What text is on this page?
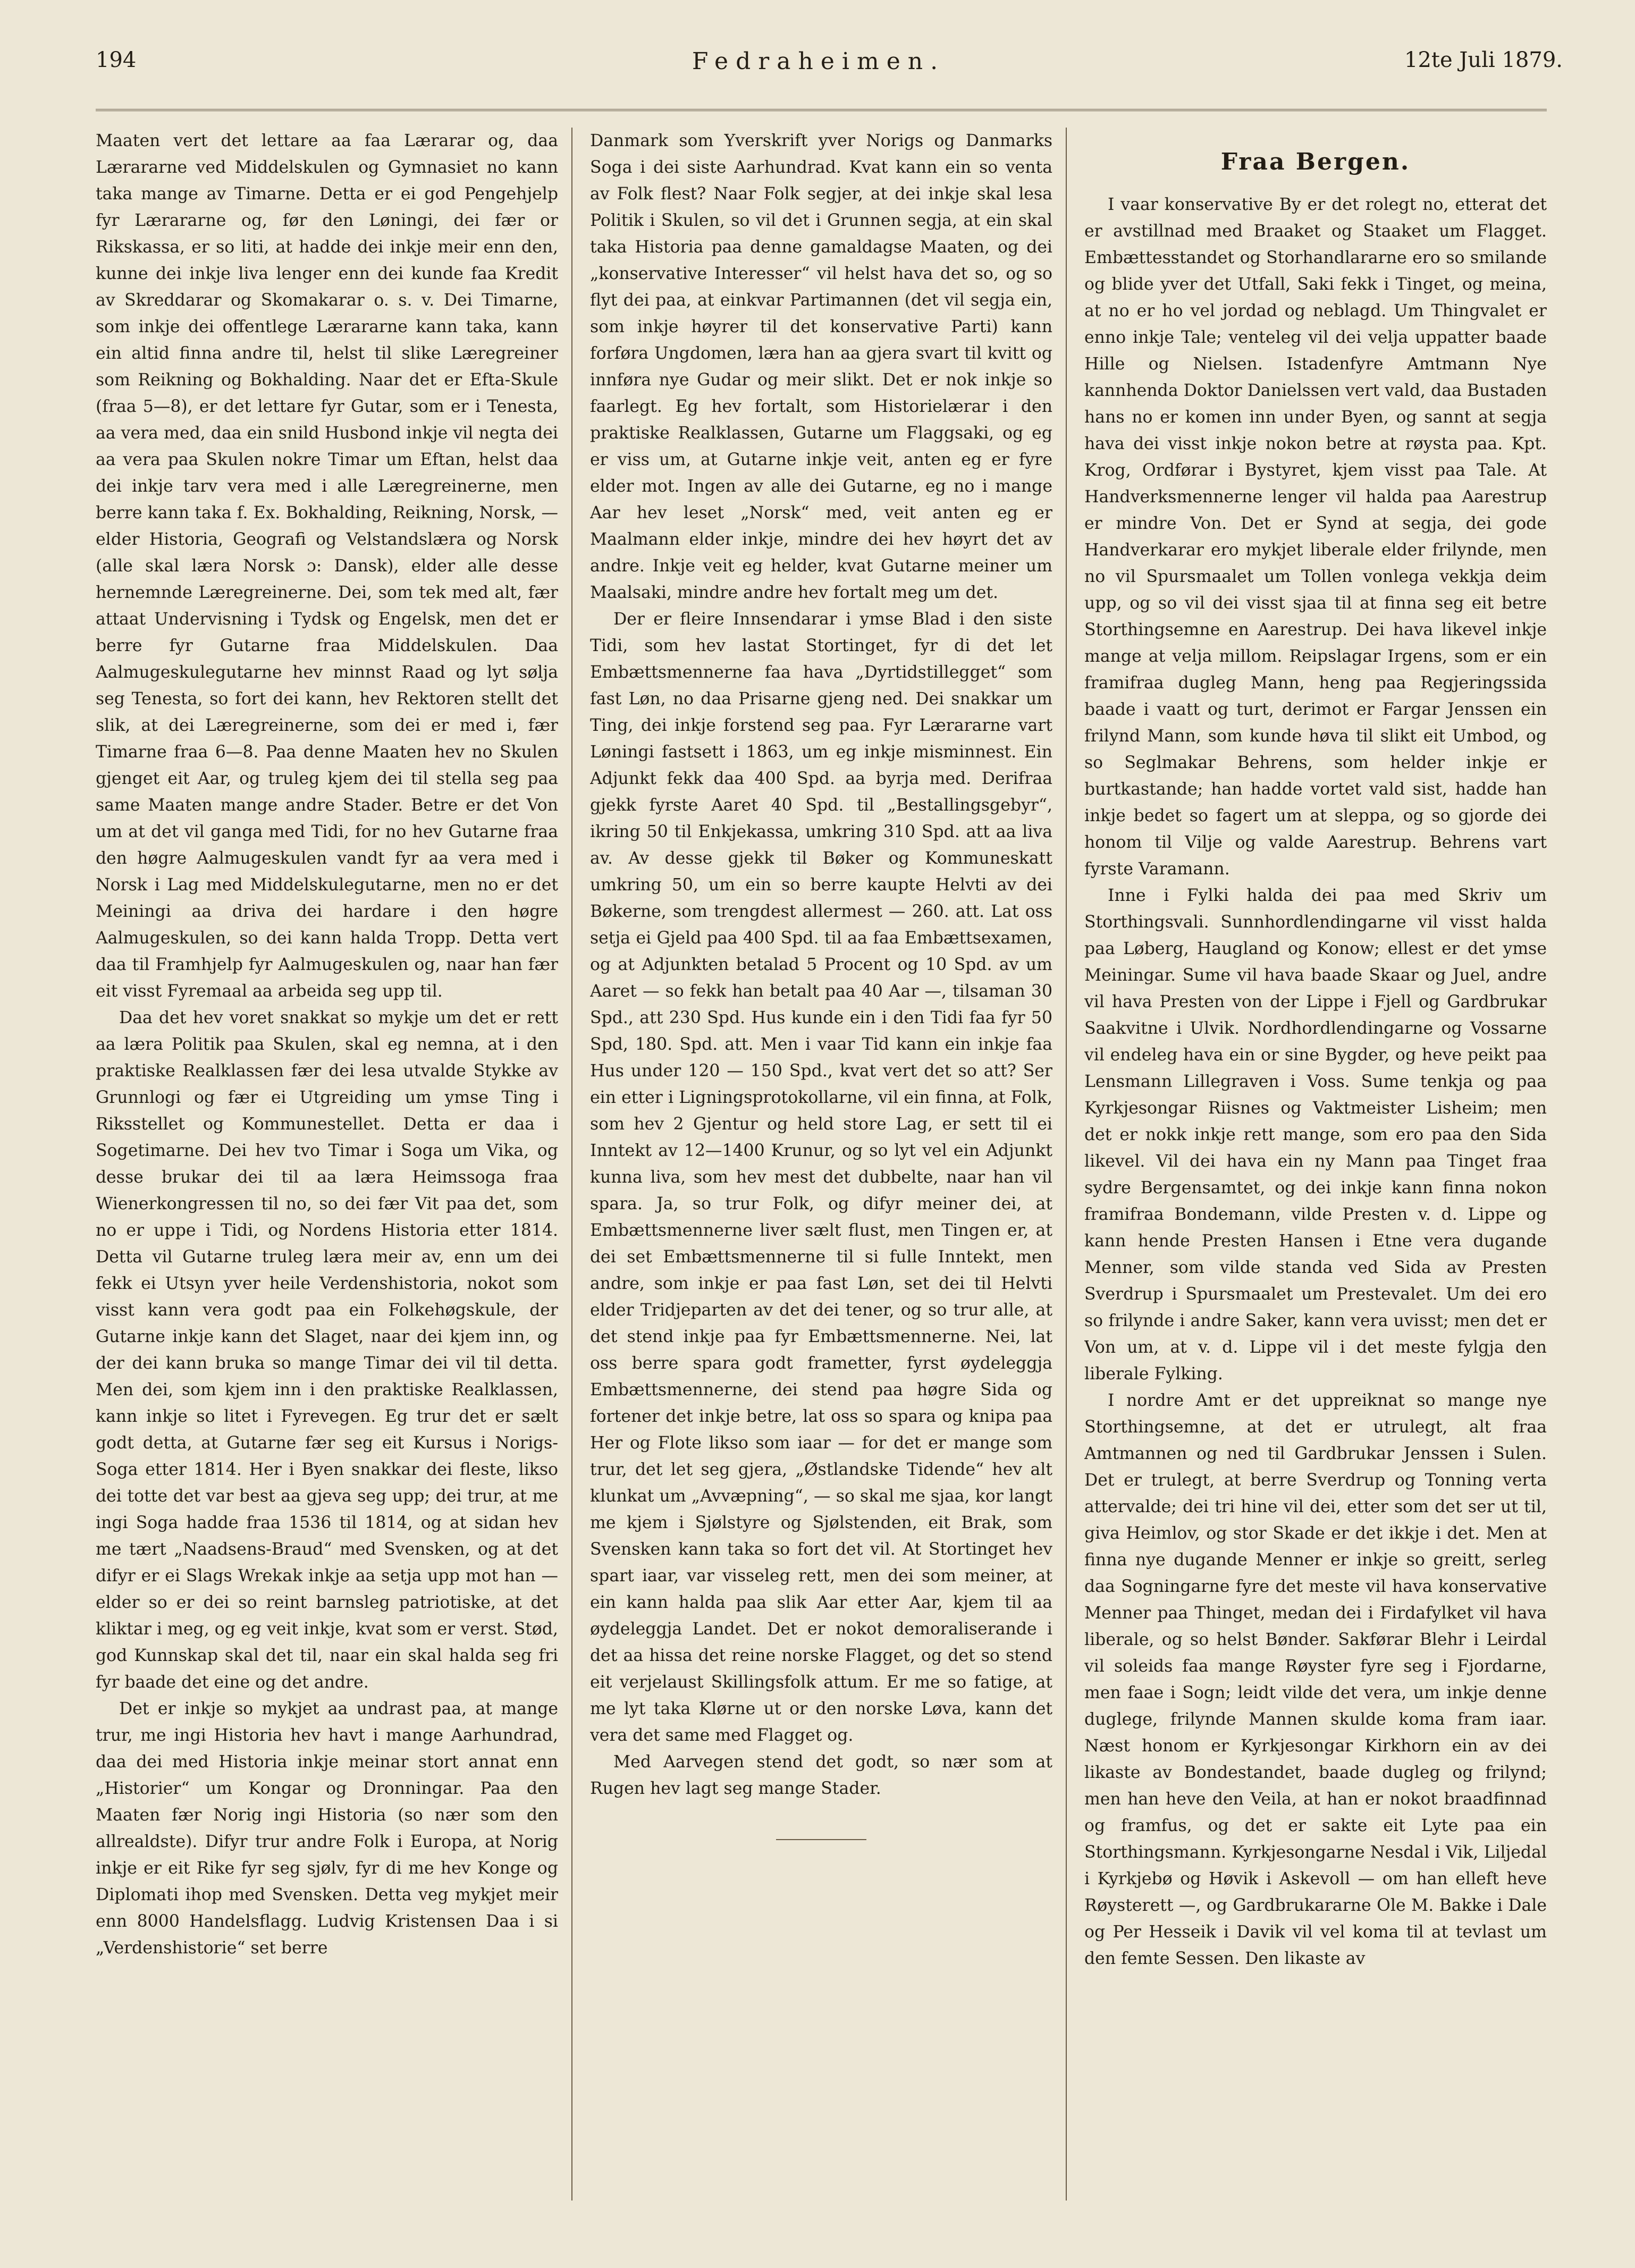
194	Fedraheimen.	12te Juli 1879.

Maaten vert det lettare aa faa Lærarar og, daa Lærararne ved Middelskulen og Gymnasiet no kann taka mange av Timarne. Detta er ei god Pengehjelp fyr Lærararne og, før den Løningi, dei fær or Rikskassa, er so liti, at hadde dei inkje meir enn den, kunne dei inkje liva lenger enn dei kunde faa Kredit av Skreddarar og Skomakarar o. s. v. Dei Timarne, som inkje dei offentlege Lærararne kann taka, kann ein altid finna andre til, helst til slike Læregreiner som Reikning og Bokhalding. Naar det er Efta-Skule (fraa 5—8), er det lettare fyr Gutar, som er i Tenesta, aa vera med, daa ein snild Husbond inkje vil negta dei aa vera paa Skulen nokre Timar um Eftan, helst daa dei inkje tarv vera med i alle Læregreinerne, men berre kann taka f. Ex. Bokhalding, Reikning, Norsk, — elder Historia, Geografi og Velstandslæra og Norsk (alle skal læra Norsk ɔ: Dansk), elder alle desse hernemnde Læregreinerne. Dei, som tek med alt, fær attaat Undervisning i Tydsk og Engelsk, men det er berre fyr Gutarne fraa Middelskulen. Daa Aalmugeskulegutarne hev minnst Raad og lyt sølja seg Tenesta, so fort dei kann, hev Rektoren stellt det slik, at dei Læregreinerne, som dei er med i, fær Timarne fraa 6—8. Paa denne Maaten hev no Skulen gjenget eit Aar, og truleg kjem dei til stella seg paa same Maaten mange andre Stader. Betre er det Von um at det vil ganga med Tidi, for no hev Gutarne fraa den høgre Aalmugeskulen vandt fyr aa vera med i Norsk i Lag med Middelskulegutarne, men no er det Meiningi aa driva dei hardare i den høgre Aalmugeskulen, so dei kann halda Tropp. Detta vert daa til Framhjelp fyr Aalmugeskulen og, naar han fær eit visst Fyremaal aa arbeida seg upp til.

Daa det hev voret snakkat so mykje um det er rett aa læra Politik paa Skulen, skal eg nemna, at i den praktiske Realklassen fær dei lesa utvalde Stykke av Grunnlogi og fær ei Utgreiding um ymse Ting i Riksstellet og Kommunestellet. Detta er daa i Sogetimarne. Dei hev tvo Timar i Soga um Vika, og desse brukar dei til aa læra Heimssoga fraa Wienerkongressen til no, so dei fær Vit paa det, som no er uppe i Tidi, og Nordens Historia etter 1814. Detta vil Gutarne truleg læra meir av, enn um dei fekk ei Utsyn yver heile Verdenshistoria, nokot som visst kann vera godt paa ein Folkehøgskule, der Gutarne inkje kann det Slaget, naar dei kjem inn, og der dei kann bruka so mange Timar dei vil til detta. Men dei, som kjem inn i den praktiske Realklassen, kann inkje so litet i Fyrevegen. Eg trur det er sælt godt detta, at Gutarne fær seg eit Kursus i Norigs-Soga etter 1814. Her i Byen snakkar dei fleste, likso dei totte det var best aa gjeva seg upp; dei trur, at me ingi Soga hadde fraa 1536 til 1814, og at sidan hev me tært „Naadsens-Braud“ med Svensken, og at det difyr er ei Slags Wrekak inkje aa setja upp mot han — elder so er dei so reint barnsleg patriotiske, at det kliktar i meg, og eg veit inkje, kvat som er verst. Stød, god Kunnskap skal det til, naar ein skal halda seg fri fyr baade det eine og det andre.

Det er inkje so mykjet aa undrast paa, at mange trur, me ingi Historia hev havt i mange Aarhundrad, daa dei med Historia inkje meinar stort annat enn „Historier“ um Kongar og Dronningar. Paa den Maaten fær Norig ingi Historia (so nær som den allrealdste). Difyr trur andre Folk i Europa, at Norig inkje er eit Rike fyr seg sjølv, fyr di me hev Konge og Diplomati ihop med Svensken. Detta veg mykjet meir enn 8000 Handelsflagg. Ludvig Kristensen Daa i si „Verdenshistorie“ set berre

Danmark som Yverskrift yver Norigs og Danmarks Soga i dei siste Aarhundrad. Kvat kann ein so venta av Folk flest? Naar Folk segjer, at dei inkje skal lesa Politik i Skulen, so vil det i Grunnen segja, at ein skal taka Historia paa denne gamaldagse Maaten, og dei „konservative Interesser“ vil helst hava det so, og so flyt dei paa, at einkvar Partimannen (det vil segja ein, som inkje høyrer til det konservative Parti) kann forføra Ungdomen, læra han aa gjera svart til kvitt og innføra nye Gudar og meir slikt. Det er nok inkje so faarlegt. Eg hev fortalt, som Historielærar i den praktiske Realklassen, Gutarne um Flaggsaki, og eg er viss um, at Gutarne inkje veit, anten eg er fyre elder mot. Ingen av alle dei Gutarne, eg no i mange Aar hev leset „Norsk“ med, veit anten eg er Maalmann elder inkje, mindre dei hev høyrt det av andre. Inkje veit eg helder, kvat Gutarne meiner um Maalsaki, mindre andre hev fortalt meg um det.

Der er fleire Innsendarar i ymse Blad i den siste Tidi, som hev lastat Stortinget, fyr di det let Embættsmennerne faa hava „Dyrtidstillegget“ som fast Løn, no daa Prisarne gjeng ned. Dei snakkar um Ting, dei inkje forstend seg paa. Fyr Lærararne vart Løningi fastsett i 1863, um eg inkje misminnest. Ein Adjunkt fekk daa 400 Spd. aa byrja med. Derifraa gjekk fyrste Aaret 40 Spd. til „Bestallingsgebyr“, ikring 50 til Enkjekassa, umkring 310 Spd. att aa liva av. Av desse gjekk til Bøker og Kommuneskatt umkring 50, um ein so berre kaupte Helvti av dei Bøkerne, som trengdest allermest — 260. att. Lat oss setja ei Gjeld paa 400 Spd. til aa faa Embættsexamen, og at Adjunkten betalad 5 Procent og 10 Spd. av um Aaret — so fekk han betalt paa 40 Aar —, tilsaman 30 Spd., att 230 Spd. Hus kunde ein i den Tidi faa fyr 50 Spd, 180. Spd. att. Men i vaar Tid kann ein inkje faa Hus under 120 — 150 Spd., kvat vert det so att? Ser ein etter i Ligningsprotokollarne, vil ein finna, at Folk, som hev 2 Gjentur og held store Lag, er sett til ei Inntekt av 12—1400 Krunur, og so lyt vel ein Adjunkt kunna liva, som hev mest det dubbelte, naar han vil spara. Ja, so trur Folk, og difyr meiner dei, at Embættsmennerne liver sælt flust, men Tingen er, at dei set Embættsmennerne til si fulle Inntekt, men andre, som inkje er paa fast Løn, set dei til Helvti elder Tridjeparten av det dei tener, og so trur alle, at det stend inkje paa fyr Embættsmennerne. Nei, lat oss berre spara godt frametter, fyrst øydeleggja Embættsmennerne, dei stend paa høgre Sida og fortener det inkje betre, lat oss so spara og knipa paa Her og Flote likso som iaar — for det er mange som trur, det let seg gjera, „Østlandske Tidende“ hev alt klunkat um „Avvæpning“, — so skal me sjaa, kor langt me kjem i Sjølstyre og Sjølstenden, eit Brak, som Svensken kann taka so fort det vil. At Stortinget hev spart iaar, var visseleg rett, men dei som meiner, at ein kann halda paa slik Aar etter Aar, kjem til aa øydeleggja Landet. Det er nokot demoraliserande i det aa hissa det reine norske Flagget, og det so stend eit verjelaust Skillingsfolk attum. Er me so fatige, at me lyt taka Klørne ut or den norske Løva, kann det vera det same med Flagget og.

Med Aarvegen stend det godt, so nær som at Rugen hev lagt seg mange Stader.

Fraa Bergen.

I vaar konservative By er det rolegt no, etterat det er avstillnad med Braaket og Staaket um Flagget. Embættesstandet og Storhandlararne ero so smilande og blide yver det Utfall, Saki fekk i Tinget, og meina, at no er ho vel jordad og neblagd. Um Thingvalet er enno inkje Tale; venteleg vil dei velja uppatter baade Hille og Nielsen. Istadenfyre Amtmann Nye kannhenda Doktor Danielssen vert vald, daa Bustaden hans no er komen inn under Byen, og sannt at segja hava dei visst inkje nokon betre at røysta paa. Kpt. Krog, Ordførar i Bystyret, kjem visst paa Tale. At Handverksmennerne lenger vil halda paa Aarestrup er mindre Von. Det er Synd at segja, dei gode Handverkarar ero mykjet liberale elder frilynde, men no vil Spursmaalet um Tollen vonlega vekkja deim upp, og so vil dei visst sjaa til at finna seg eit betre Storthingsemne en Aarestrup. Dei hava likevel inkje mange at velja millom. Reipslagar Irgens, som er ein framifraa dugleg Mann, heng paa Regjeringssida baade i vaatt og turt, derimot er Fargar Jenssen ein frilynd Mann, som kunde høva til slikt eit Umbod, og so Seglmakar Behrens, som helder inkje er burtkastande; han hadde vortet vald sist, hadde han inkje bedet so fagert um at sleppa, og so gjorde dei honom til Vilje og valde Aarestrup. Behrens vart fyrste Varamann.

Inne i Fylki halda dei paa med Skriv um Storthingsvali. Sunnhordlendingarne vil visst halda paa Løberg, Haugland og Konow; ellest er det ymse Meiningar. Sume vil hava baade Skaar og Juel, andre vil hava Presten von der Lippe i Fjell og Gardbrukar Saakvitne i Ulvik. Nordhordlendingarne og Vossarne vil endeleg hava ein or sine Bygder, og heve peikt paa Lensmann Lillegraven i Voss. Sume tenkja og paa Kyrkjesongar Riisnes og Vaktmeister Lisheim; men det er nokk inkje rett mange, som ero paa den Sida likevel. Vil dei hava ein ny Mann paa Tinget fraa sydre Bergensamtet, og dei inkje kann finna nokon framifraa Bondemann, vilde Presten v. d. Lippe og kann hende Presten Hansen i Etne vera dugande Menner, som vilde standa ved Sida av Presten Sverdrup i Spursmaalet um Prestevalet. Um dei ero so frilynde i andre Saker, kann vera uvisst; men det er Von um, at v. d. Lippe vil i det meste fylgja den liberale Fylking.

I nordre Amt er det uppreiknat so mange nye Storthingsemne, at det er utrulegt, alt fraa Amtmannen og ned til Gardbrukar Jenssen i Sulen. Det er trulegt, at berre Sverdrup og Tonning verta attervalde; dei tri hine vil dei, etter som det ser ut til, giva Heimlov, og stor Skade er det ikkje i det. Men at finna nye dugande Menner er inkje so greitt, serleg daa Sogningarne fyre det meste vil hava konservative Menner paa Thinget, medan dei i Firdafylket vil hava liberale, og so helst Bønder. Sakførar Blehr i Leirdal vil soleids faa mange Røyster fyre seg i Fjordarne, men faae i Sogn; leidt vilde det vera, um inkje denne duglege, frilynde Mannen skulde koma fram iaar. Næst honom er Kyrkjesongar Kirkhorn ein av dei likaste av Bondestandet, baade dugleg og frilynd; men han heve den Veila, at han er nokot braadfinnad og framfus, og det er sakte eit Lyte paa ein Storthingsmann. Kyrkjesongarne Nesdal i Vik, Liljedal i Kyrkjebø og Høvik i Askevoll — om han elleft heve Røysterett —, og Gardbrukararne Ole M. Bakke i Dale og Per Hesseik i Davik vil vel koma til at tevlast um den femte Sessen. Den likaste av
